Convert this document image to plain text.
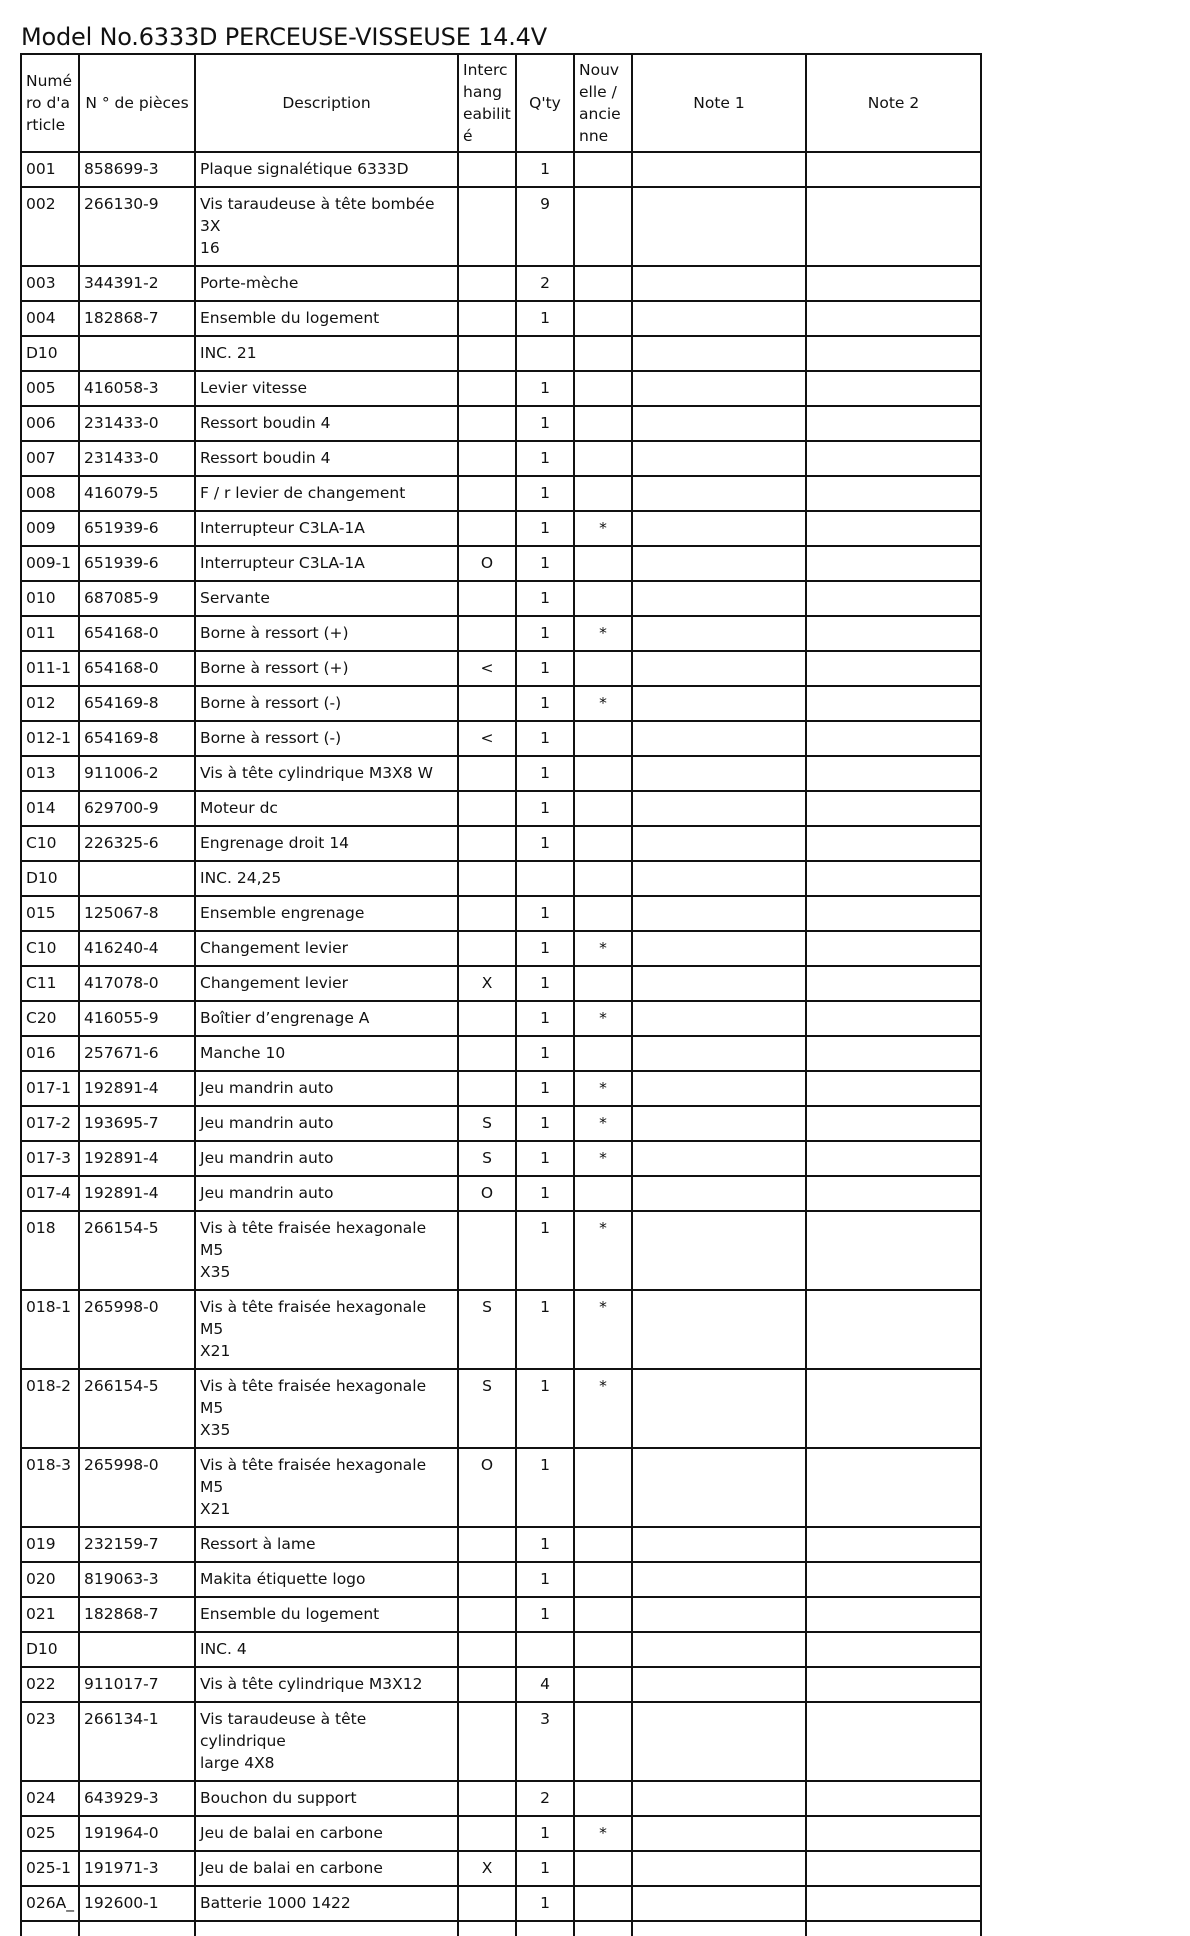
Model No.6333D PERCEUSE-VISSEUSE 14.4V
Numé
ro d'a
rticle	N ° de pièces	Description	Interc
hang
eabilit
é	Q'ty	Nouv
elle /
ancie
nne	Note 1	Note 2

001	858699-3	Plaque signalétique 6333D		1			

002	266130-9	Vis taraudeuse à tête bombée 3X
16		9			

003	344391-2	Porte-mèche		2			

004	182868-7	Ensemble du logement		1			

D10		INC. 21					

005	416058-3	Levier vitesse		1			

006	231433-0	Ressort boudin 4		1			

007	231433-0	Ressort boudin 4		1			

008	416079-5	F / r levier de changement		1			

009	651939-6	Interrupteur C3LA-1A		1	*		

009-1	651939-6	Interrupteur C3LA-1A	O	1			

010	687085-9	Servante		1			

011	654168-0	Borne à ressort (+)		1	*		

011-1	654168-0	Borne à ressort (+)	<	1			

012	654169-8	Borne à ressort (-)		1	*		

012-1	654169-8	Borne à ressort (-)	<	1			

013	911006-2	Vis à tête cylindrique M3X8 W		1			

014	629700-9	Moteur dc		1			

C10	226325-6	Engrenage droit 14		1			

D10		INC. 24,25					

015	125067-8	Ensemble engrenage		1			

C10	416240-4	Changement levier		1	*		

C11	417078-0	Changement levier	X	1			

C20	416055-9	Boîtier d’engrenage A		1	*		

016	257671-6	Manche 10		1			

017-1	192891-4	Jeu mandrin auto		1	*		

017-2	193695-7	Jeu mandrin auto	S	1	*		

017-3	192891-4	Jeu mandrin auto	S	1	*		

017-4	192891-4	Jeu mandrin auto	O	1			

018	266154-5	Vis à tête fraisée hexagonale M5
X35		1	*		

018-1	265998-0	Vis à tête fraisée hexagonale M5
X21	S	1	*		

018-2	266154-5	Vis à tête fraisée hexagonale M5
X35	S	1	*		

018-3	265998-0	Vis à tête fraisée hexagonale M5
X21	O	1			

019	232159-7	Ressort à lame		1			

020	819063-3	Makita étiquette logo		1			

021	182868-7	Ensemble du logement		1			

D10		INC. 4					

022	911017-7	Vis à tête cylindrique M3X12		4			

023	266134-1	Vis taraudeuse à tête cylindrique
large 4X8		3			

024	643929-3	Bouchon du support		2			

025	191964-0	Jeu de balai en carbone		1	*		

025-1	191971-3	Jeu de balai en carbone	X	1			

026A_	192600-1	Batterie 1000 1422		1			
